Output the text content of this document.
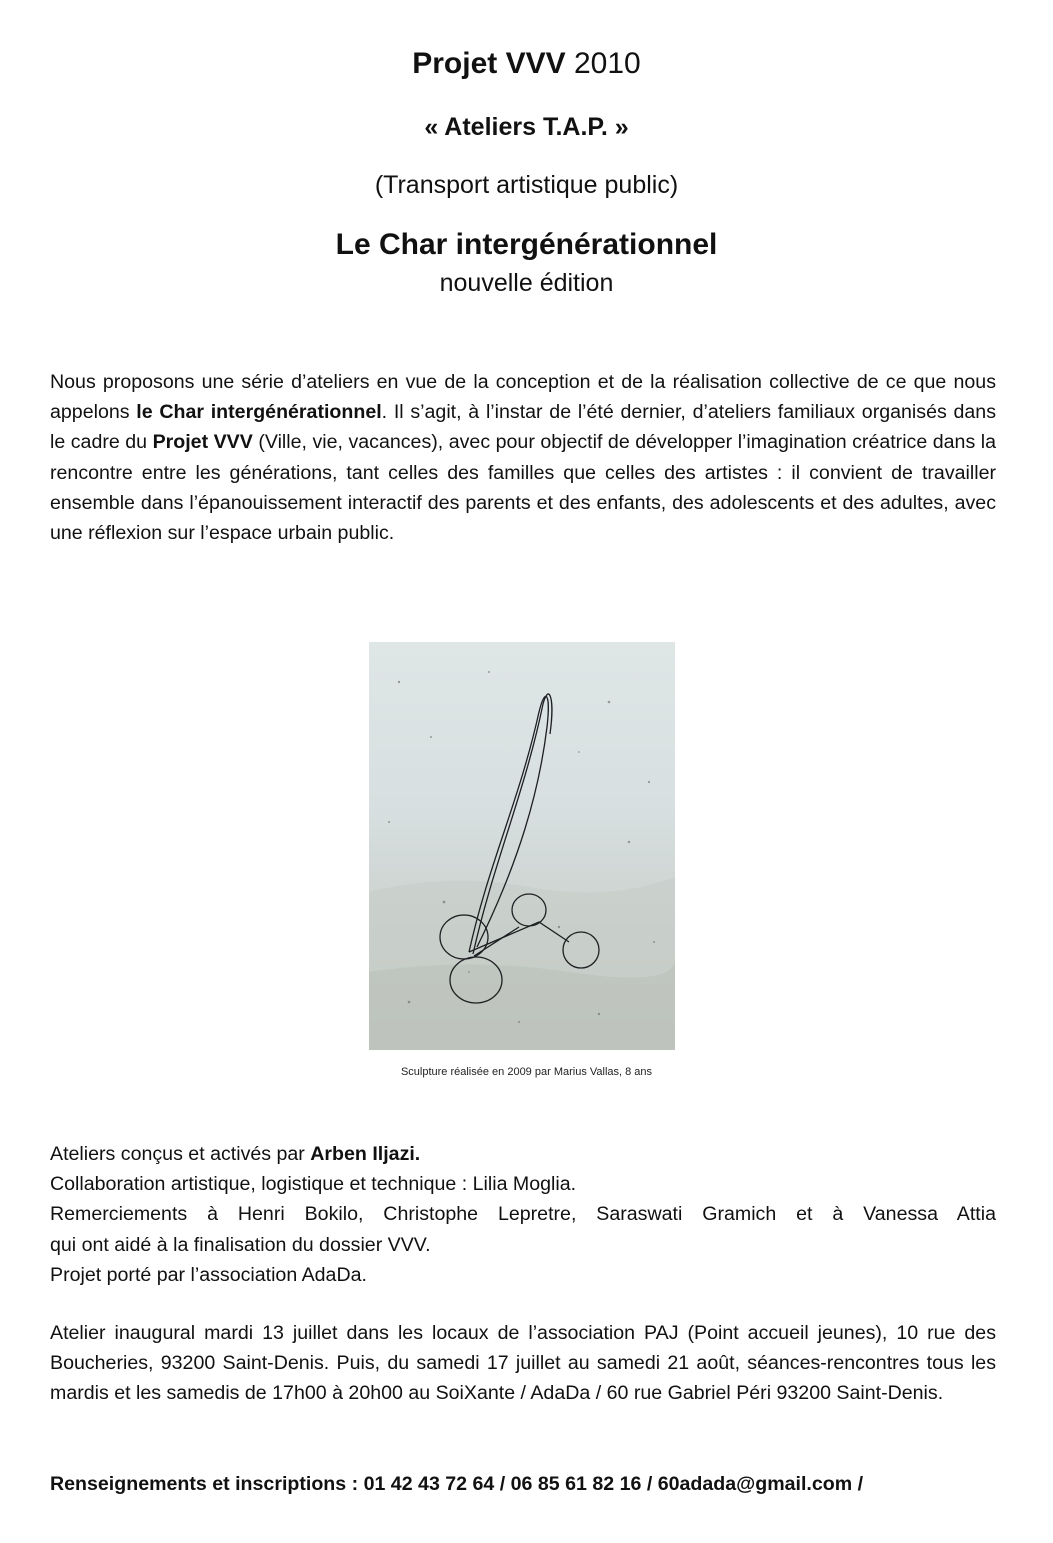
Projet VVV 2010
« Ateliers T.A.P. »
(Transport artistique public)
Le Char intergénérationnel
nouvelle édition
Nous proposons une série d’ateliers en vue de la conception et de la réalisation collective de ce que nous appelons le Char intergénérationnel. Il s’agit, à l’instar de l’été dernier, d’ateliers familiaux organisés dans le cadre du Projet VVV (Ville, vie, vacances), avec pour objectif de développer l’imagination créatrice dans la rencontre entre les générations, tant celles des familles que celles des artistes : il convient de travailler ensemble dans l’épanouissement interactif des parents et des enfants, des adolescents et des adultes, avec une réflexion sur l’espace urbain public.
Sculpture réalisée en 2009 par Marius Vallas, 8 ans
Ateliers conçus et activés par Arben Iljazi.
Collaboration artistique, logistique et technique : Lilia Moglia.
Remerciements à Henri Bokilo, Christophe Lepretre, Saraswati Gramich et à Vanessa Attia
qui ont aidé à la finalisation du dossier VVV.
Projet porté par l’association AdaDa.
Atelier inaugural mardi 13 juillet dans les locaux de l’association PAJ (Point accueil jeunes), 10 rue des Boucheries, 93200 Saint-Denis. Puis, du samedi 17 juillet au samedi 21 août, séances-rencontres tous les mardis et les samedis de 17h00 à 20h00 au SoiXante / AdaDa / 60 rue Gabriel Péri 93200 Saint-Denis.
Renseignements et inscriptions : 01 42 43 72 64 / 06 85 61 82 16 / 60adada@gmail.com /
